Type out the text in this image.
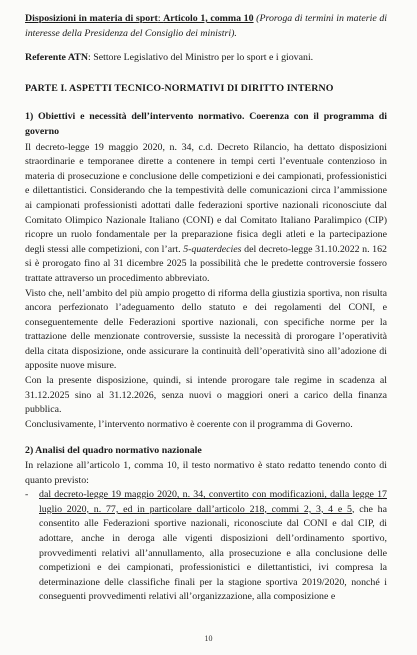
Disposizioni in materia di sport: Articolo 1, comma 10 (Proroga di termini in materie di interesse della Presidenza del Consiglio dei ministri).

Referente ATN: Settore Legislativo del Ministro per lo sport e i giovani.

PARTE I. ASPETTI TECNICO-NORMATIVI DI DIRITTO INTERNO

1) Obiettivi e necessità dell’intervento normativo. Coerenza con il programma di governo

Il decreto-legge 19 maggio 2020, n. 34, c.d. Decreto Rilancio, ha dettato disposizioni straordinarie e temporanee dirette a contenere in tempi certi l’eventuale contenzioso in materia di prosecuzione e conclusione delle competizioni e dei campionati, professionistici e dilettantistici. Considerando che la tempestività delle comunicazioni circa l’ammissione ai campionati professionisti adottati dalle federazioni sportive nazionali riconosciute dal Comitato Olimpico Nazionale Italiano (CONI) e dal Comitato Italiano Paralimpico (CIP) ricopre un ruolo fondamentale per la preparazione fisica degli atleti e la partecipazione degli stessi alle competizioni, con l’art. 5-quaterdecies del decreto-legge 31.10.2022 n. 162 si è prorogato fino al 31 dicembre 2025 la possibilità che le predette controversie fossero trattate attraverso un procedimento abbreviato.

Visto che, nell’ambito del più ampio progetto di riforma della giustizia sportiva, non risulta ancora perfezionato l’adeguamento dello statuto e dei regolamenti del CONI, e conseguentemente delle Federazioni sportive nazionali, con specifiche norme per la trattazione delle menzionate controversie, sussiste la necessità di prorogare l’operatività della citata disposizione, onde assicurare la continuità dell’operatività sino all’adozione di apposite nuove misure.

Con la presente disposizione, quindi, si intende prorogare tale regime in scadenza al 31.12.2025 sino al 31.12.2026, senza nuovi o maggiori oneri a carico della finanza pubblica.

Conclusivamente, l’intervento normativo è coerente con il programma di Governo.

2) Analisi del quadro normativo nazionale

In relazione all’articolo 1, comma 10, il testo normativo è stato redatto tenendo conto di quanto previsto:

-	dal decreto-legge 19 maggio 2020, n. 34, convertito con modificazioni, dalla legge 17 luglio 2020, n. 77, ed in particolare dall’articolo 218, commi 2, 3, 4 e 5, che ha consentito alle Federazioni sportive nazionali, riconosciute dal CONI e dal CIP, di adottare, anche in deroga alle vigenti disposizioni dell’ordinamento sportivo, provvedimenti relativi all’annullamento, alla prosecuzione e alla conclusione delle competizioni e dei campionati, professionistici e dilettantistici, ivi compresa la determinazione delle classifiche finali per la stagione sportiva 2019/2020, nonché i conseguenti provvedimenti relativi all’organizzazione, alla composizione e

10
